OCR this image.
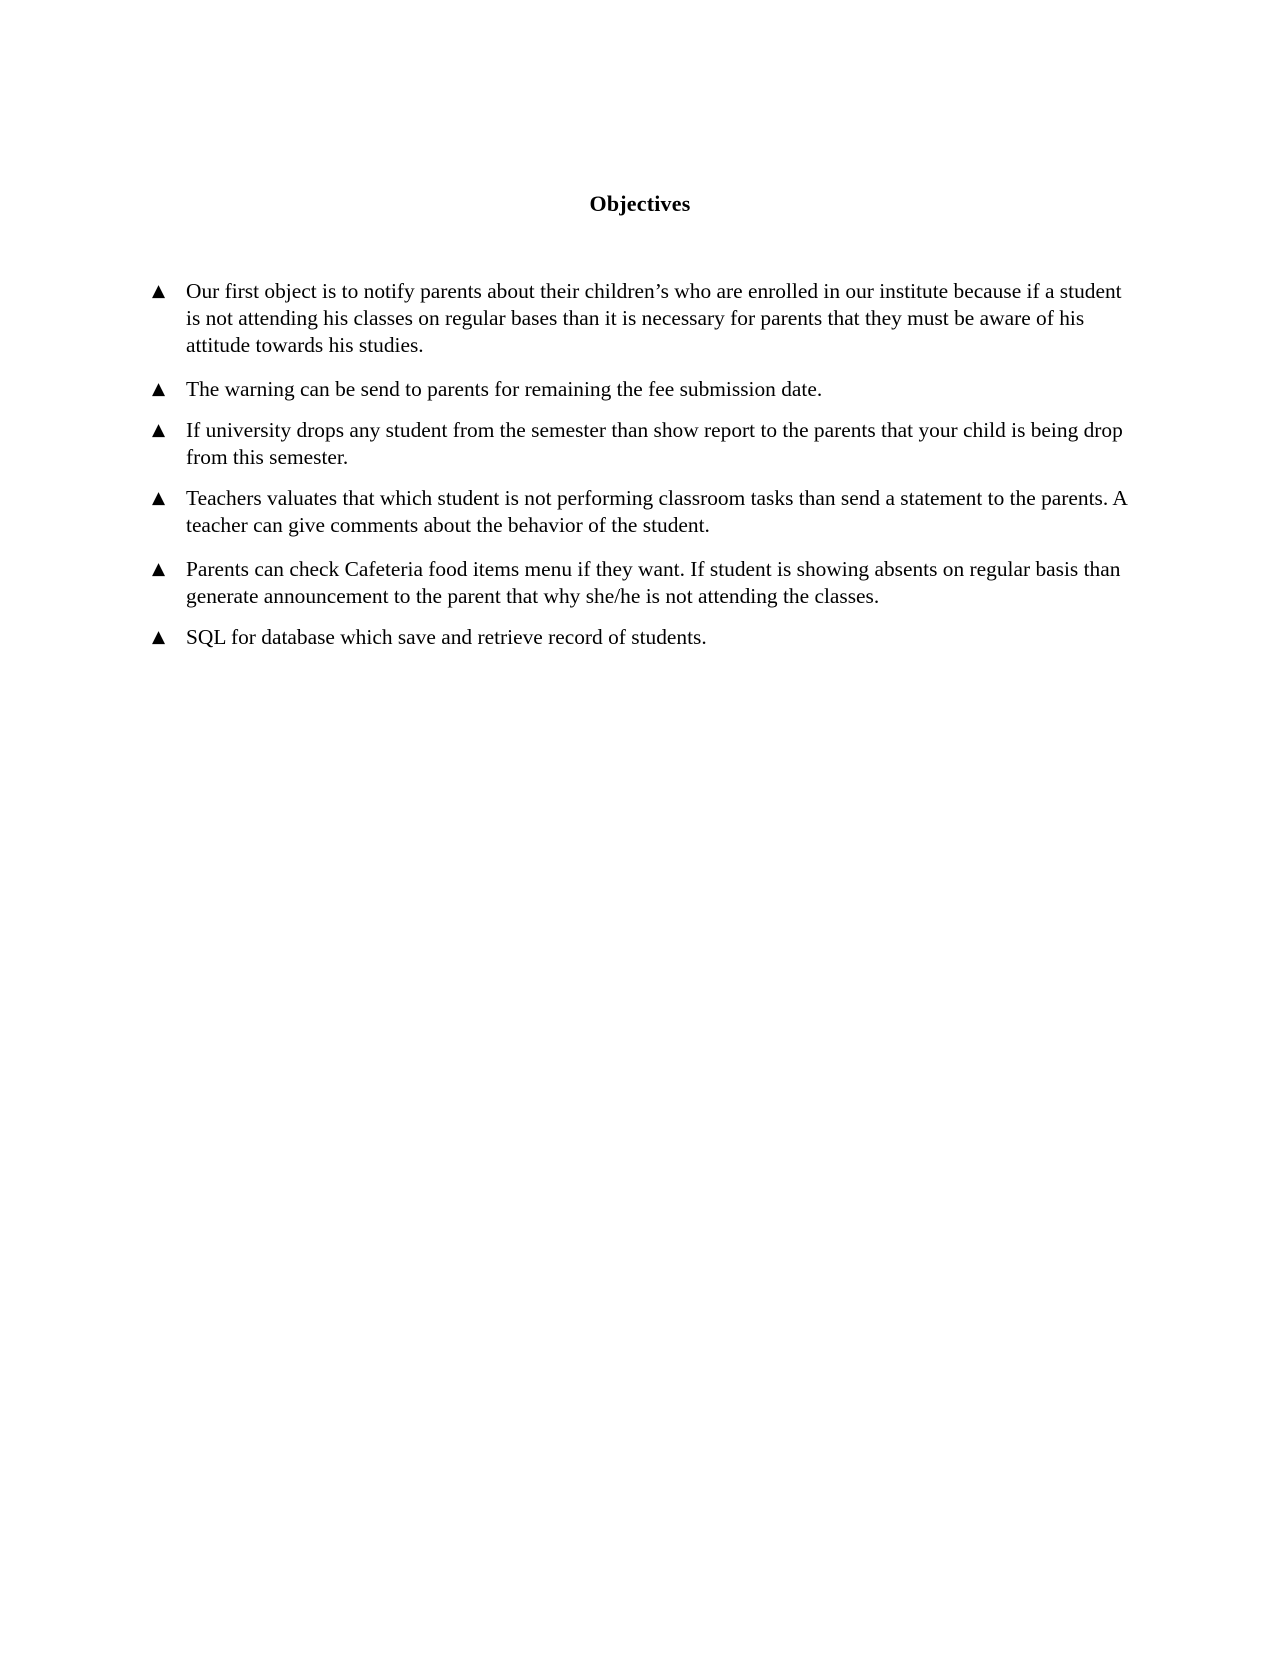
Objectives
▲ Our first object is to notify parents about their children’s who are enrolled in our institute because if a student is not attending his classes on regular bases than it is necessary for parents that they must be aware of his attitude towards his studies.
▲ The warning can be send to parents for remaining the fee submission date.
▲ If university drops any student from the semester than show report to the parents that your child is being drop from this semester.
▲ Teachers valuates that which student is not performing classroom tasks than send a statement to the parents. A teacher can give comments about the behavior of the student.
▲ Parents can check Cafeteria food items menu if they want. If student is showing absents on regular basis than generate announcement to the parent that why she/he is not attending the classes.
▲ SQL for database which save and retrieve record of students.
